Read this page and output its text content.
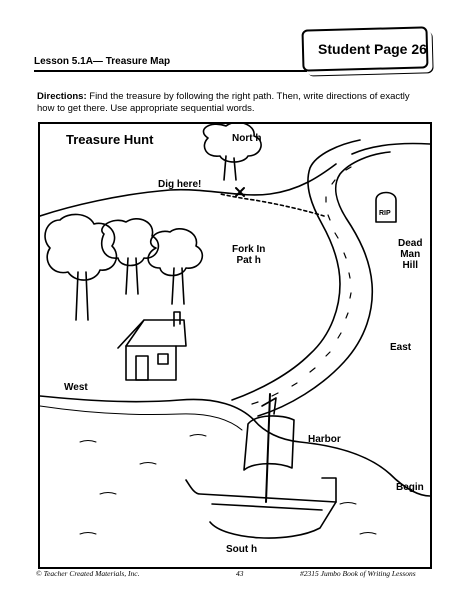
Lesson 5.1A— Treasure Map
Student Page 26
Directions: Find the treasure by following the right path. Then, write directions of exactly how to get there. Use appropriate sequential words.
RIP
Treasure Hunt	Nort h
Dig here!
Fork In
Pat h
Dead
Man
Hill
East
West
Harbor
Begin
Sout h
© Teacher Created Materials, Inc.	43	#2315 Jumbo Book of Writing Lessons
